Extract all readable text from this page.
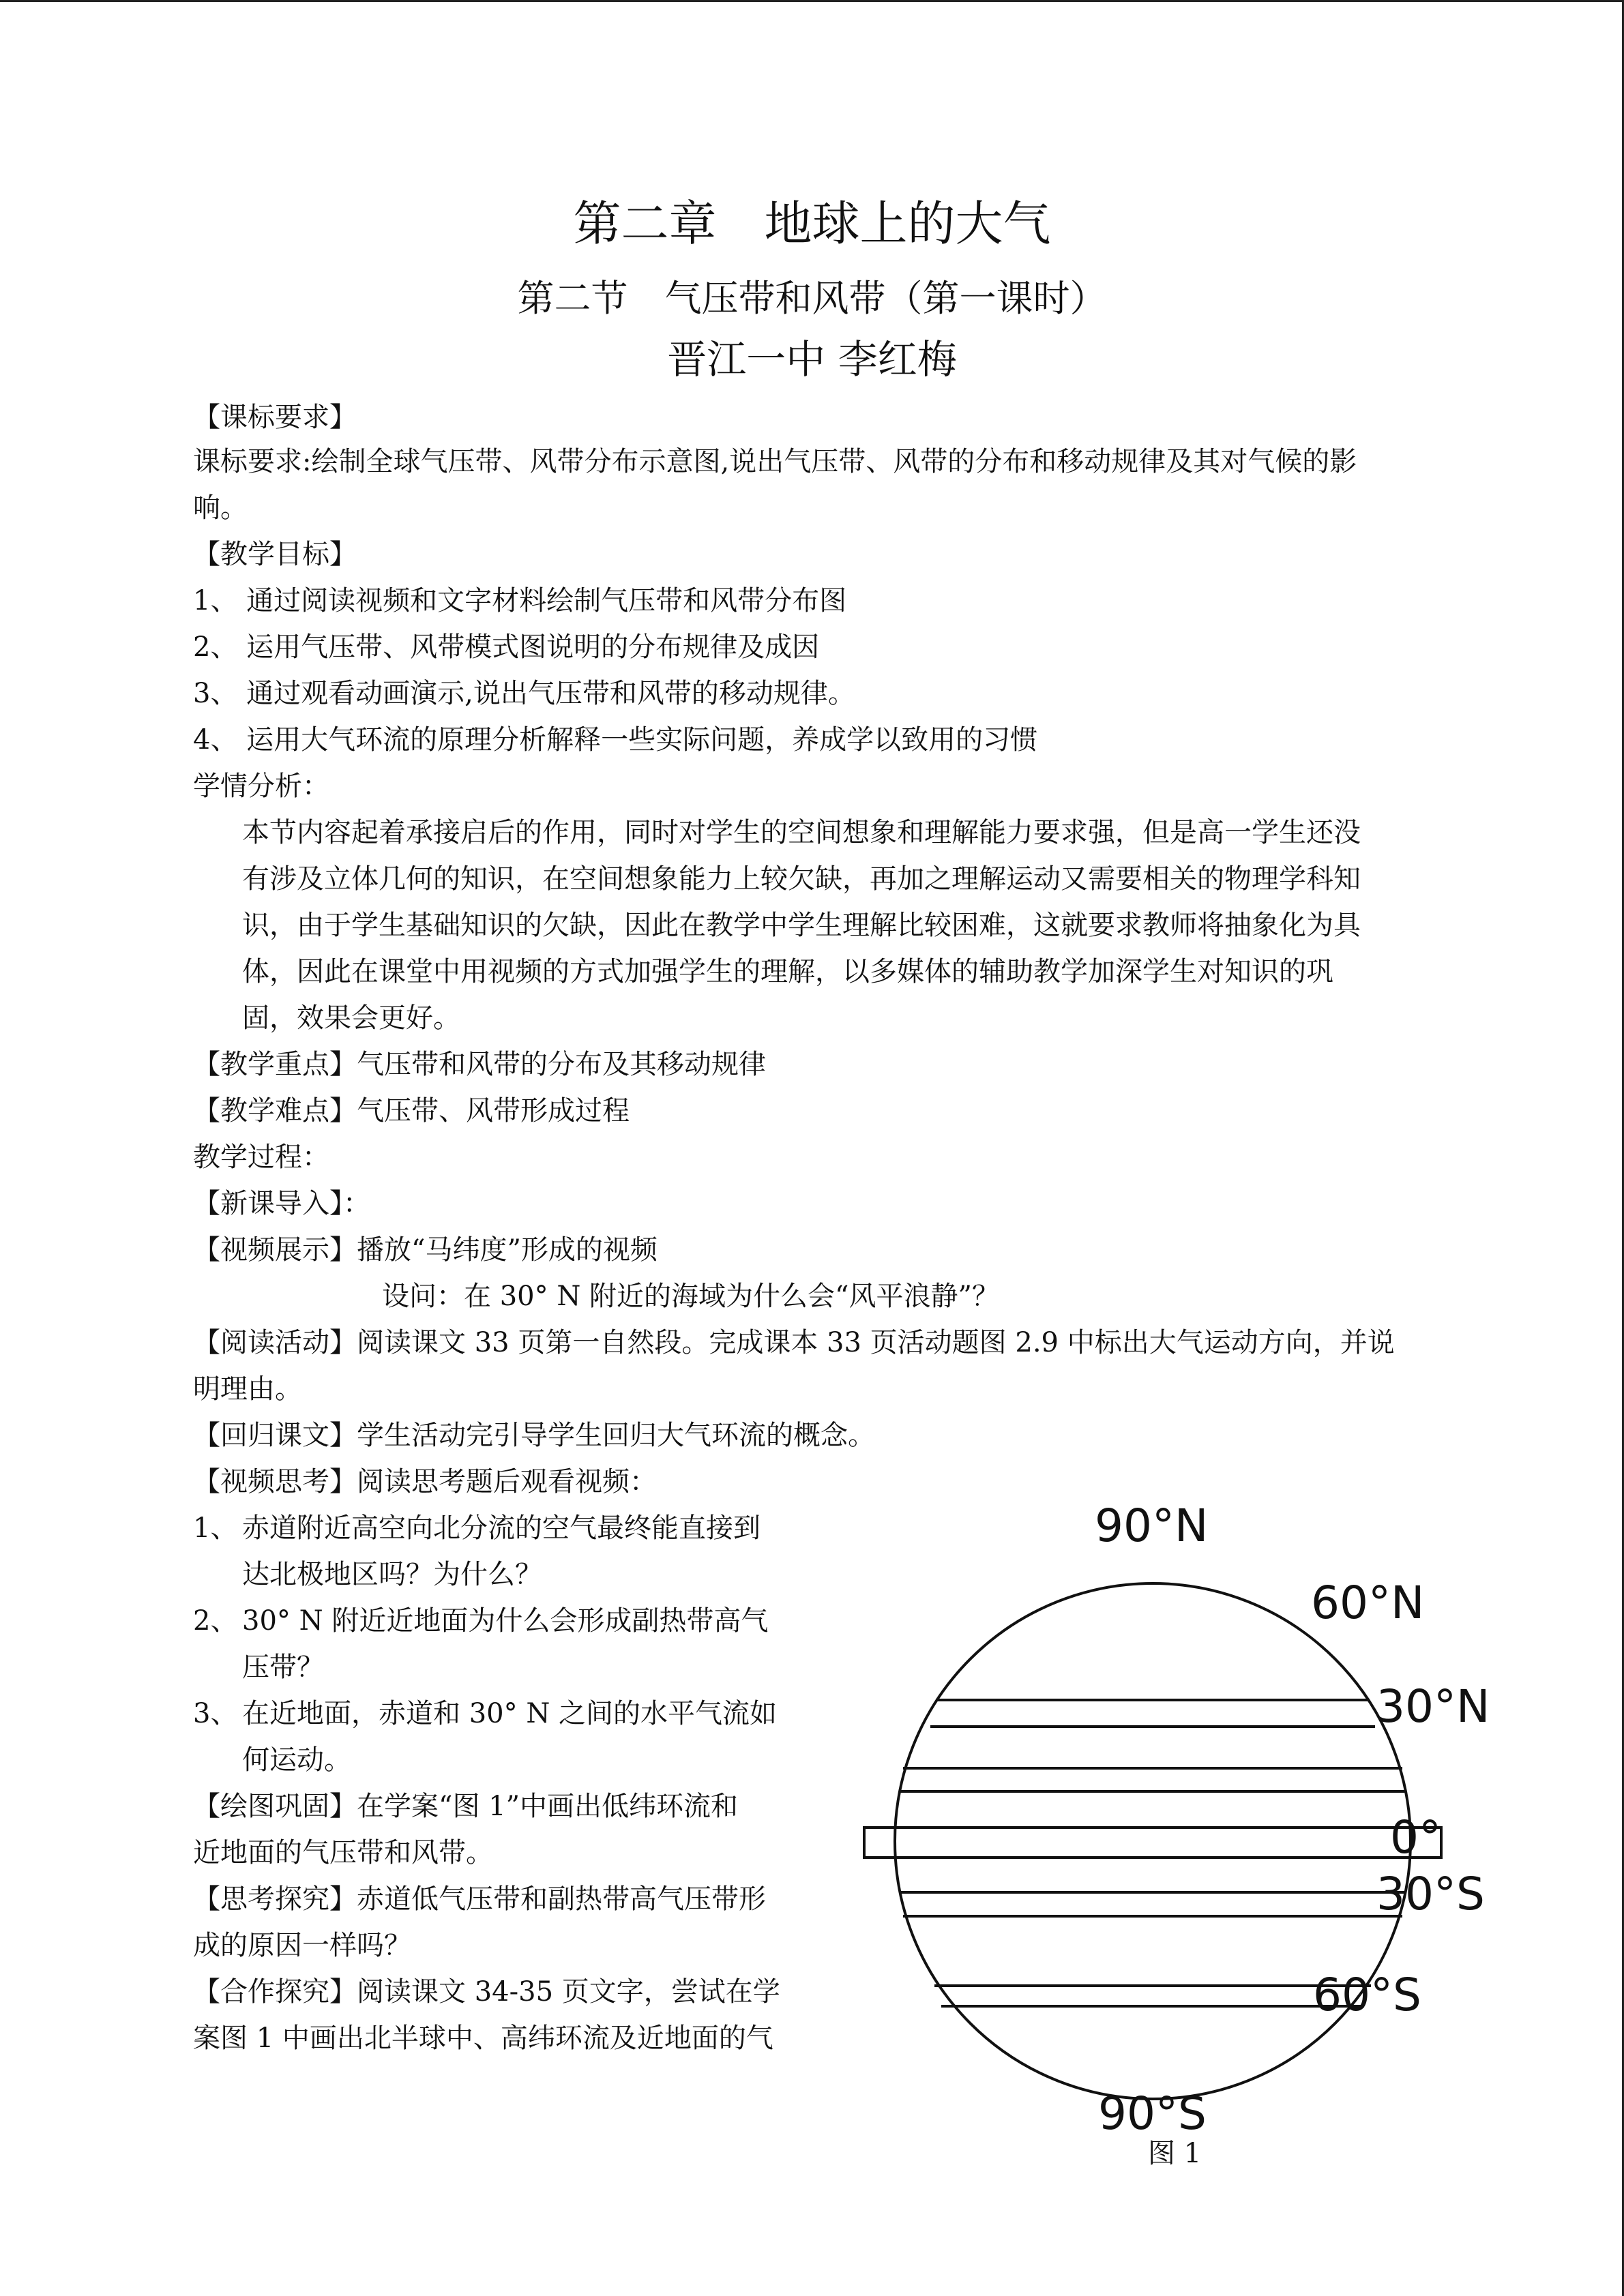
第二章　地球上的大气
第二节　气压带和风带（第一课时）
晋江一中 李红梅
【课标要求】
课标要求:绘制全球气压带、风带分布示意图,说出气压带、风带的分布和移动规律及其对气候的影
响。
【教学目标】
1、 通过阅读视频和文字材料绘制气压带和风带分布图
2、 运用气压带、风带模式图说明的分布规律及成因
3、 通过观看动画演示,说出气压带和风带的移动规律。
4、 运用大气环流的原理分析解释一些实际问题，养成学以致用的习惯
学情分析：
本节内容起着承接启后的作用，同时对学生的空间想象和理解能力要求强，但是高一学生还没
有涉及立体几何的知识，在空间想象能力上较欠缺，再加之理解运动又需要相关的物理学科知
识，由于学生基础知识的欠缺，因此在教学中学生理解比较困难，这就要求教师将抽象化为具
体，因此在课堂中用视频的方式加强学生的理解，以多媒体的辅助教学加深学生对知识的巩
固，效果会更好。
【教学重点】气压带和风带的分布及其移动规律
【教学难点】气压带、风带形成过程
教学过程：
【新课导入】：
【视频展示】播放“马纬度”形成的视频
设问：在 30° N 附近的海域为什么会“风平浪静”？
【阅读活动】阅读课文 33 页第一自然段。完成课本 33 页活动题图 2.9 中标出大气运动方向，并说
明理由。
【回归课文】学生活动完引导学生回归大气环流的概念。
【视频思考】阅读思考题后观看视频：
1、 赤道附近高空向北分流的空气最终能直接到
达北极地区吗？为什么？
2、 30° N 附近近地面为什么会形成副热带高气
压带？
3、 在近地面，赤道和 30° N 之间的水平气流如
何运动。
【绘图巩固】在学案“图 1”中画出低纬环流和
近地面的气压带和风带。
【思考探究】赤道低气压带和副热带高气压带形
成的原因一样吗？
【合作探究】阅读课文 34-35 页文字，尝试在学
案图 1 中画出北半球中、高纬环流及近地面的气
90°N
60°N
30°N
0°
30°S
60°S
90°S
图 1
